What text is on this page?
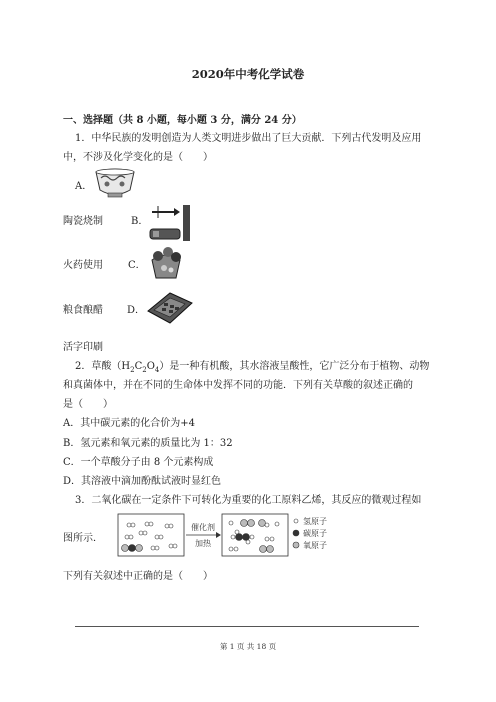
2020年中考化学试卷
一、选择题（共 8 小题，每小题 3 分，满分 24 分）
1．中华民族的发明创造为人类文明进步做出了巨大贡献．下列古代发明及应用
中，不涉及化学变化的是（　　）
A．
陶瓷烧制	B．
火药使用	C．
粮食酿醋 D．
活字印刷
2．草酸$(H_2C_2O_4)$是一种有机酸，其水溶液呈酸性，它广泛分布于植物、动物
和真菌体中，并在不同的生命体中发挥不同的功能．下列有关草酸的叙述正确的
是（　　）
A．其中碳元素的化合价为+4
B．氢元素和氧元素的质量比为 1：32
C．一个草酸分子由 8 个元素构成
D．其溶液中滴加酚酞试液时显红色
3．二氧化碳在一定条件下可转化为重要的化工原料乙烯，其反应的微观过程如
图所示．
催化剂
加热
氢原子
碳原子
氧原子
下列有关叙述中正确的是（　　）
第 1 页 共 18 页
